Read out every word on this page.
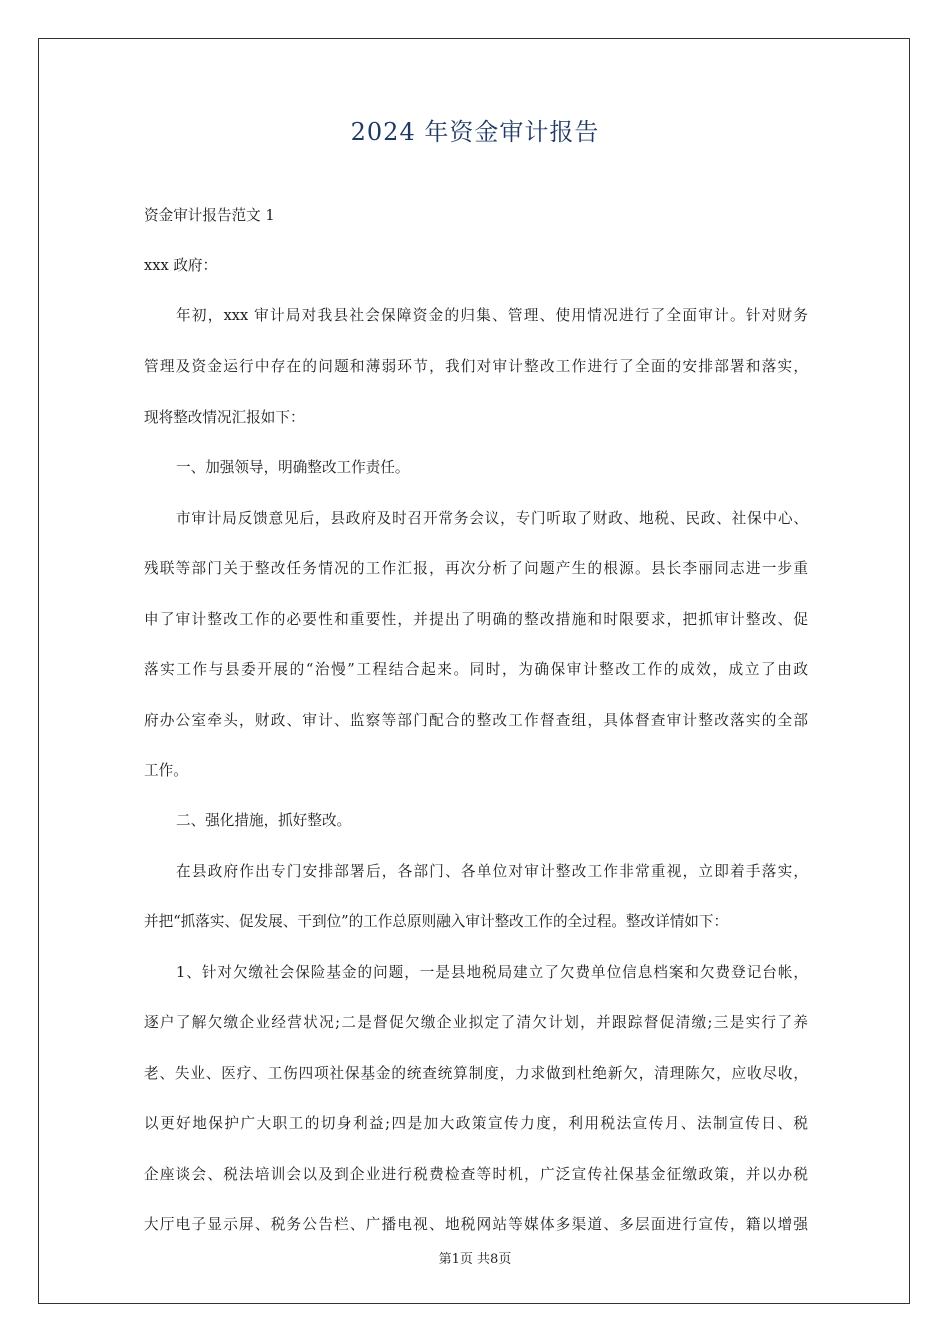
2024 年资金审计报告

资金审计报告范文 1

xxx 政府：

年初，xxx 审计局对我县社会保障资金的归集、管理、使用情况进行了全面审计。针对财务

管理及资金运行中存在的问题和薄弱环节，我们对审计整改工作进行了全面的安排部署和落实，

现将整改情况汇报如下：

一、加强领导，明确整改工作责任。

市审计局反馈意见后，县政府及时召开常务会议，专门听取了财政、地税、民政、社保中心、

残联等部门关于整改任务情况的工作汇报，再次分析了问题产生的根源。县长李丽同志进一步重

申了审计整改工作的必要性和重要性，并提出了明确的整改措施和时限要求，把抓审计整改、促

落实工作与县委开展的“治慢”工程结合起来。同时，为确保审计整改工作的成效，成立了由政

府办公室牵头，财政、审计、监察等部门配合的整改工作督查组，具体督查审计整改落实的全部

工作。

二、强化措施，抓好整改。

在县政府作出专门安排部署后，各部门、各单位对审计整改工作非常重视，立即着手落实，

并把“抓落实、促发展、干到位”的工作总原则融入审计整改工作的全过程。整改详情如下：

1、针对欠缴社会保险基金的问题，一是县地税局建立了欠费单位信息档案和欠费登记台帐，

逐户了解欠缴企业经营状况;二是督促欠缴企业拟定了清欠计划，并跟踪督促清缴;三是实行了养

老、失业、医疗、工伤四项社保基金的统查统算制度，力求做到杜绝新欠，清理陈欠，应收尽收，

以更好地保护广大职工的切身利益;四是加大政策宣传力度，利用税法宣传月、法制宣传日、税

企座谈会、税法培训会以及到企业进行税费检查等时机，广泛宣传社保基金征缴政策，并以办税

大厅电子显示屏、税务公告栏、广播电视、地税网站等媒体多渠道、多层面进行宣传，籍以增强

第1页 共8页
